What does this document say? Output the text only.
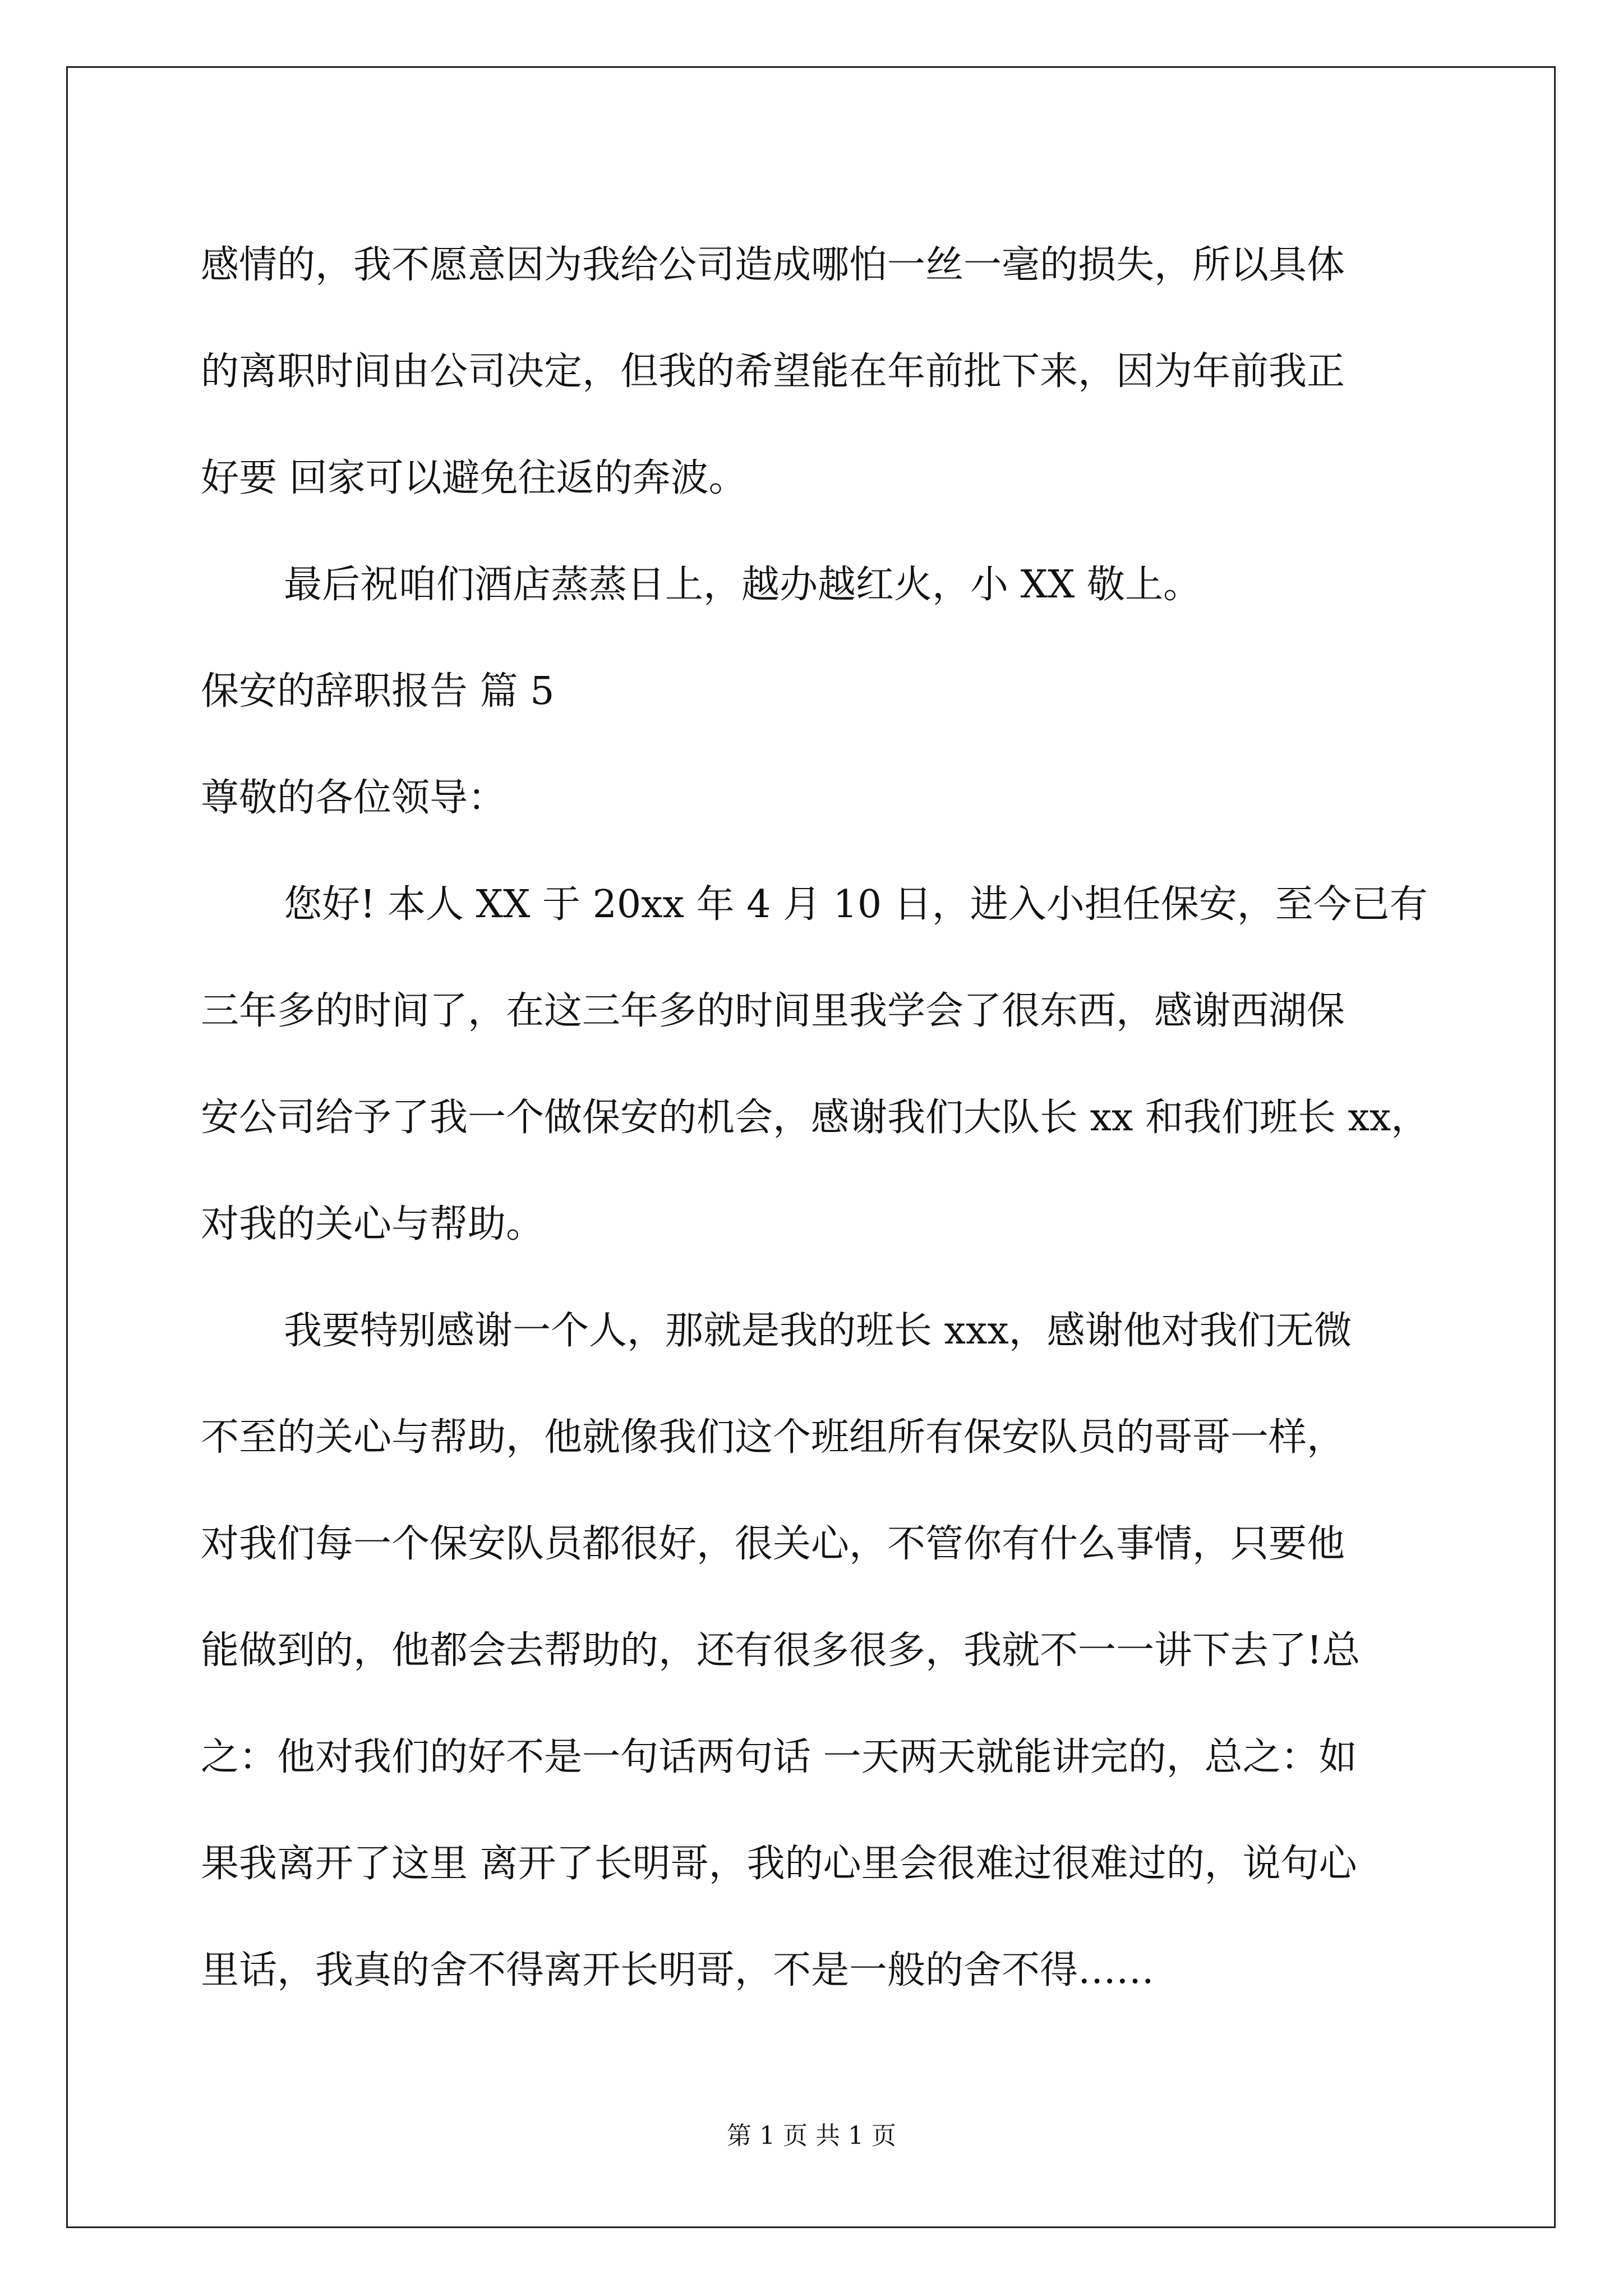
感情的，我不愿意因为我给公司造成哪怕一丝一毫的损失，所以具体

的离职时间由公司决定，但我的希望能在年前批下来，因为年前我正

好要 回家可以避免往返的奔波。

最后祝咱们酒店蒸蒸日上，越办越红火，小 XX 敬上。

保安的辞职报告 篇 5

尊敬的各位领导：

您好! 本人 XX 于 20xx 年 4 月 10 日，进入小担任保安，至今已有

三年多的时间了，在这三年多的时间里我学会了很东西，感谢西湖保

安公司给予了我一个做保安的机会，感谢我们大队长 xx 和我们班长 xx，

对我的关心与帮助。

我要特别感谢一个人，那就是我的班长 xxx，感谢他对我们无微

不至的关心与帮助，他就像我们这个班组所有保安队员的哥哥一样，

对我们每一个保安队员都很好，很关心，不管你有什么事情，只要他

能做到的，他都会去帮助的，还有很多很多，我就不一一讲下去了!总

之：他对我们的好不是一句话两句话 一天两天就能讲完的，总之：如

果我离开了这里 离开了长明哥，我的心里会很难过很难过的，说句心

里话，我真的舍不得离开长明哥，不是一般的舍不得……

第 1 页 共 1 页
